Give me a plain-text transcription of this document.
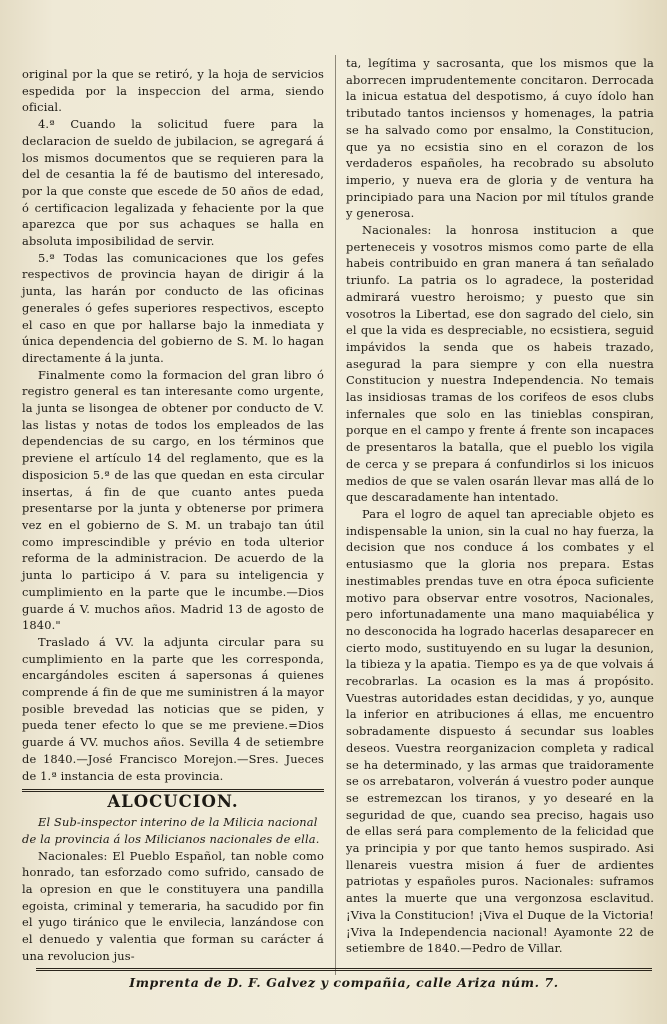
original por la que se retiró, y la hoja de servicios espedida por la inspeccion del arma, siendo oficial.

4.ª Cuando la solicitud fuere para la declaracion de sueldo de jubilacion, se agregará á los mismos documentos que se requieren para la del de cesantia la fé de bautismo del interesado, por la que conste que escede de 50 años de edad, ó certificacion legalizada y fehaciente por la que aparezca que por sus achaques se halla en absoluta imposibilidad de servir.

5.ª Todas las comunicaciones que los gefes respectivos de provincia hayan de dirigir á la junta, las harán por conducto de las oficinas generales ó gefes superiores respectivos, escepto el caso en que por hallarse bajo la inmediata y única dependencia del gobierno de S. M. lo hagan directamente á la junta.

Finalmente como la formacion del gran libro ó registro general es tan interesante como urgente, la junta se lisongea de obtener por conducto de V. las listas y notas de todos los empleados de las dependencias de su cargo, en los términos que previene el artículo 14 del reglamento, que es la disposicion 5.ª de las que quedan en esta circular insertas, á fin de que cuanto antes pueda presentarse por la junta y obtenerse por primera vez en el gobierno de S. M. un trabajo tan útil como imprescindible y prévio en toda ulterior reforma de la administracion. De acuerdo de la junta lo participo á V. para su inteligencia y cumplimiento en la parte que le incumbe.—Dios guarde á V. muchos años. Madrid 13 de agosto de 1840."

Traslado á VV. la adjunta circular para su cumplimiento en la parte que les corresponda, encargándoles esciten á sapersonas á quienes comprende á fin de que me suministren á la mayor posible brevedad las noticias que se piden, y pueda tener efecto lo que se me previene.=Dios guarde á VV. muchos años. Sevilla 4 de setiembre de 1840.—José Francisco Morejon.—Sres. Jueces de 1.ª instancia de esta provincia.

ALOCUCION.

El Sub-inspector interino de la Milicia nacional de la provincia á los Milicianos nacionales de ella.

Nacionales: El Pueblo Español, tan noble como honrado, tan esforzado como sufrido, cansado de la opresion en que le constituyera una pandilla egoista, criminal y temeraria, ha sacudido por fin el yugo tiránico que le envilecia, lanzándose con el denuedo y valentia que forman su carácter á una revolucion jus-

ta, legítima y sacrosanta, que los mismos que la aborrecen imprudentemente concitaron. Derrocada la inicua estatua del despotismo, á cuyo ídolo han tributado tantos inciensos y homenages, la patria se ha salvado como por ensalmo, la Constitucion, que ya no ecsistia sino en el corazon de los verdaderos españoles, ha recobrado su absoluto imperio, y nueva era de gloria y de ventura ha principiado para una Nacion por mil títulos grande y generosa.

Nacionales: la honrosa institucion a que perteneceis y vosotros mismos como parte de ella habeis contribuido en gran manera á tan señalado triunfo. La patria os lo agradece, la posteridad admirará vuestro heroismo; y puesto que sin vosotros la Libertad, ese don sagrado del cielo, sin el que la vida es despreciable, no ecsistiera, seguid impávidos la senda que os habeis trazado, asegurad la para siempre y con ella nuestra Constitucion y nuestra Independencia. No temais las insidiosas tramas de los corifeos de esos clubs infernales que solo en las tinieblas conspiran, porque en el campo y frente á frente son incapaces de presentaros la batalla, que el pueblo los vigila de cerca y se prepara á confundirlos si los inicuos medios de que se valen osarán llevar mas allá de lo que descaradamente han intentado.

Para el logro de aquel tan apreciable objeto es indispensable la union, sin la cual no hay fuerza, la decision que nos conduce á los combates y el entusiasmo que la gloria nos prepara. Estas inestimables prendas tuve en otra época suficiente motivo para observar entre vosotros, Nacionales, pero infortunadamente una mano maquiabélica y no desconocida ha logrado hacerlas desaparecer en cierto modo, sustituyendo en su lugar la desunion, la tibieza y la apatia. Tiempo es ya de que volvais á recobrarlas. La ocasion es la mas á propósito. Vuestras autoridades estan decididas, y yo, aunque la inferior en atribuciones á ellas, me encuentro sobradamente dispuesto á secundar sus loables deseos. Vuestra reorganizacion completa y radical se ha determinado, y las armas que traidoramente se os arrebataron, volverán á vuestro poder aunque se estremezcan los tiranos, y yo desearé en la seguridad de que, cuando sea preciso, hagais uso de ellas será para complemento de la felicidad que ya principia y por que tanto hemos suspirado. Asi llenareis vuestra mision á fuer de ardientes patriotas y españoles puros. Nacionales: suframos antes la muerte que una vergonzosa esclavitud. ¡Viva la Constitucion! ¡Viva el Duque de la Victoria! ¡Viva la Independencia nacional! Ayamonte 22 de setiembre de 1840.—Pedro de Villar.

Imprenta de D. F. Galvez y compañia, calle Ariza núm. 7.
